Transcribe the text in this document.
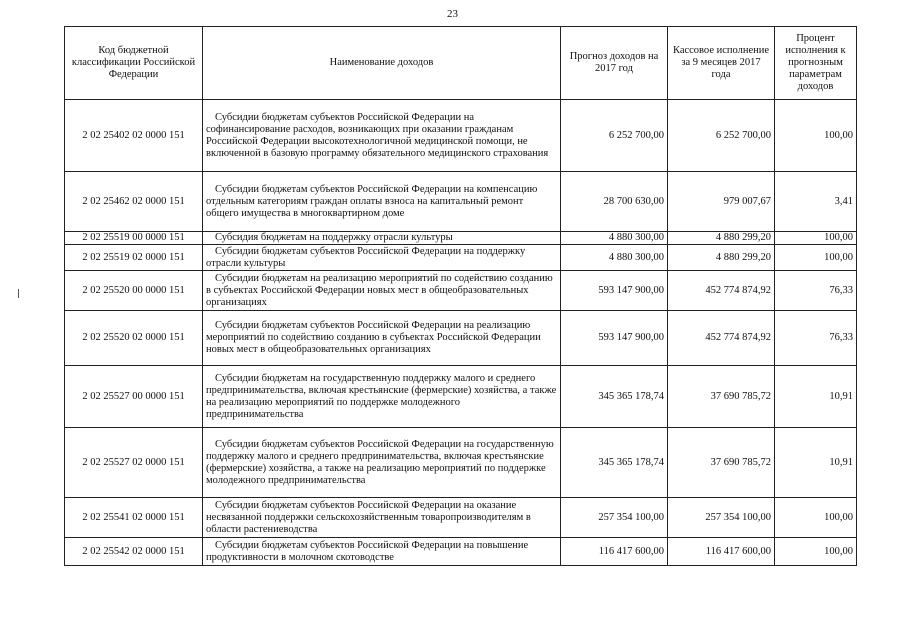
23
Код бюджетной классификации Российской Федерации	Наименование доходов	Прогноз доходов на 2017 год	Кассовое исполнение за 9 месяцев 2017 года	Процент исполнения к прогнозным параметрам доходов
2 02 25402 02 0000 151	Субсидии бюджетам субъектов Российской Федерации на софинансирование расходов, возникающих при оказании гражданам Российской Федерации высокотехнологичной медицинской помощи, не включенной в базовую программу обязательного медицинского страхования	6 252 700,00	6 252 700,00	100,00
2 02 25462 02 0000 151	Субсидии бюджетам субъектов Российской Федерации на компенсацию отдельным категориям граждан оплаты взноса на капитальный ремонт общего имущества в многоквартирном доме	28 700 630,00	979 007,67	3,41
2 02 25519 00 0000 151	Субсидия бюджетам на поддержку отрасли культуры	4 880 300,00	4 880 299,20	100,00
2 02 25519 02 0000 151	Субсидии бюджетам субъектов Российской Федерации на поддержку отрасли культуры	4 880 300,00	4 880 299,20	100,00
2 02 25520 00 0000 151	Субсидии бюджетам на реализацию мероприятий по содействию созданию в субъектах Российской Федерации новых мест в общеобразовательных организациях	593 147 900,00	452 774 874,92	76,33
2 02 25520 02 0000 151	Субсидии бюджетам субъектов Российской Федерации на реализацию мероприятий по содействию созданию в субъектах Российской Федерации новых мест в общеобразовательных организациях	593 147 900,00	452 774 874,92	76,33
2 02 25527 00 0000 151	Субсидии бюджетам на государственную поддержку малого и среднего предпринимательства, включая крестьянские (фермерские) хозяйства, а также на реализацию мероприятий по поддержке молодежного предпринимательства	345 365 178,74	37 690 785,72	10,91
2 02 25527 02 0000 151	Субсидии бюджетам субъектов Российской Федерации на государственную поддержку малого и среднего предпринимательства, включая крестьянские (фермерские) хозяйства, а также на реализацию мероприятий по поддержке молодежного предпринимательства	345 365 178,74	37 690 785,72	10,91
2 02 25541 02 0000 151	Субсидии бюджетам субъектов Российской Федерации на оказание несвязанной поддержки сельскохозяйственным товаропроизводителям в области растениеводства	257 354 100,00	257 354 100,00	100,00
2 02 25542 02 0000 151	Субсидии бюджетам субъектов Российской Федерации на повышение продуктивности в молочном скотоводстве	116 417 600,00	116 417 600,00	100,00
